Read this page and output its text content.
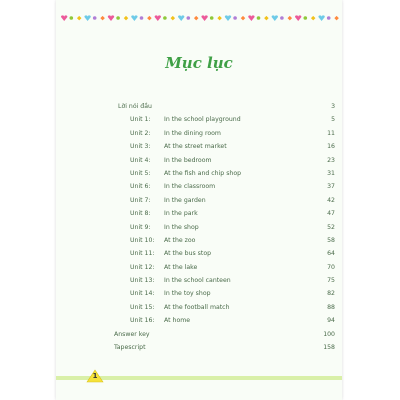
Mục lục
Lời nói đầu	3
Unit 1:	In the school playground	5
Unit 2:	In the dining room	11
Unit 3:	At the street market	16
Unit 4:	In the bedroom	23
Unit 5:	At the fish and chip shop	31
Unit 6:	In the classroom	37
Unit 7:	In the garden	42
Unit 8:	In the park	47
Unit 9:	In the shop	52
Unit 10:	At the zoo	58
Unit 11:	At the bus stop	64
Unit 12:	At the lake	70
Unit 13:	In the school canteen	75
Unit 14:	In the toy shop	82
Unit 15:	At the football match	88
Unit 16:	At home	94
Answer key	100
Tapescript	158
1
